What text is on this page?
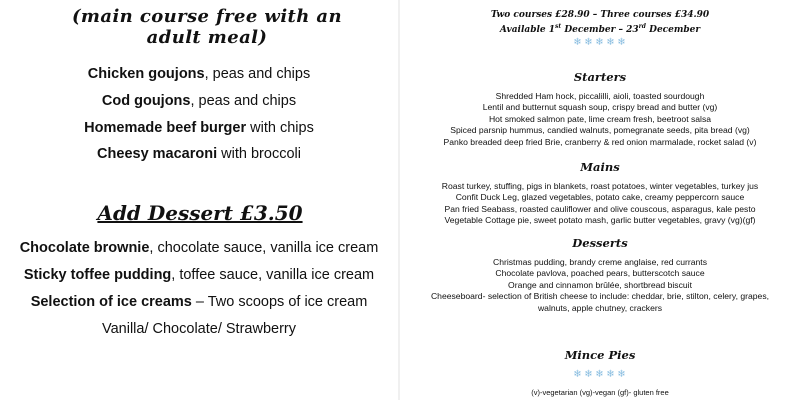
(main course free with an adult meal)
Chicken goujons, peas and chips
Cod goujons, peas and chips
Homemade beef burger with chips
Cheesy macaroni with broccoli
Add Dessert £3.50
Chocolate brownie, chocolate sauce, vanilla ice cream
Sticky toffee pudding, toffee sauce, vanilla ice cream
Selection of ice creams – Two scoops of ice cream
Vanilla/ Chocolate/ Strawberry
Two courses £28.90 – Three courses £34.90
Available 1st December – 23rd December
❄ ❄ ❄ ❄ ❄
Starters
Shredded Ham hock, piccalilli, aioli, toasted sourdough
Lentil and butternut squash soup, crispy bread and butter (vg)
Hot smoked salmon pate, lime cream fresh, beetroot salsa
Spiced parsnip hummus, candied walnuts, pomegranate seeds, pita bread (vg)
Panko breaded deep fried Brie, cranberry & red onion marmalade, rocket salad (v)
Mains
Roast turkey, stuffing, pigs in blankets, roast potatoes, winter vegetables, turkey jus
Confit Duck Leg, glazed vegetables, potato cake, creamy peppercorn sauce
Pan fried Seabass, roasted cauliflower and olive couscous, asparagus, kale pesto
Vegetable Cottage pie, sweet potato mash, garlic butter vegetables, gravy (vg)(gf)
Desserts
Christmas pudding, brandy creme anglaise, red currants
Chocolate pavlova, poached pears, butterscotch sauce
Orange and cinnamon brûlée, shortbread biscuit
Cheeseboard- selection of British cheese to include: cheddar, brie, stilton, celery, grapes,
walnuts, apple chutney, crackers
Mince Pies
❄ ❄ ❄ ❄ ❄
(v)-vegetarian (vg)-vegan (gf)- gluten free
